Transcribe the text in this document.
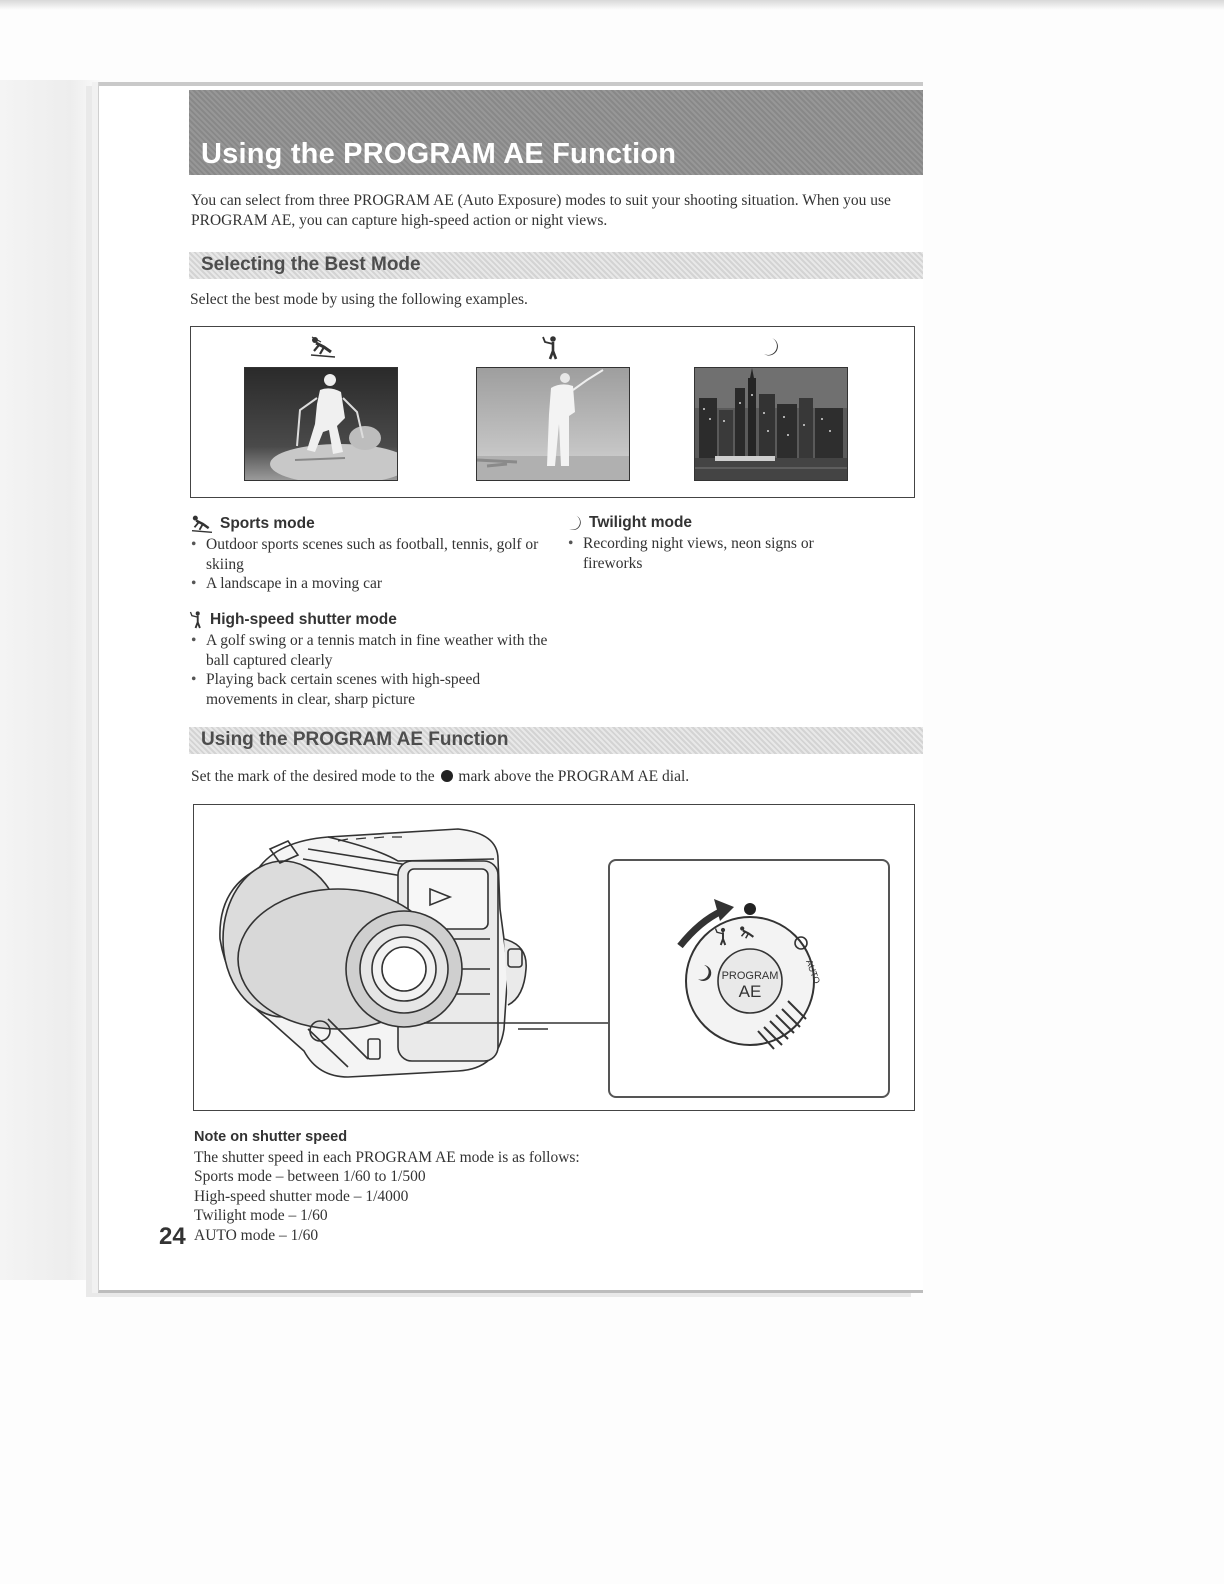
Using the PROGRAM AE Function
You can select from three PROGRAM AE (Auto Exposure) modes to suit your shooting situation. When you use PROGRAM AE, you can capture high-speed action or night views.
Selecting the Best Mode
Select the best mode by using the following examples.
Sports mode
• Outdoor sports scenes such as football, tennis, golf or skiing
• A landscape in a moving car
High-speed shutter mode
• A golf swing or a tennis match in fine weather with the ball captured clearly
• Playing back certain scenes with high-speed movements in clear, sharp picture
Twilight mode
• Recording night views, neon signs or fireworks
Using the PROGRAM AE Function
Set the mark of the desired mode to the mark above the PROGRAM AE dial.
AUTO
PROGRAM
AE
Note on shutter speed
The shutter speed in each PROGRAM AE mode is as follows:
Sports mode – between 1/60 to 1/500
High-speed shutter mode – 1/4000
Twilight mode – 1/60
AUTO mode – 1/60
24
